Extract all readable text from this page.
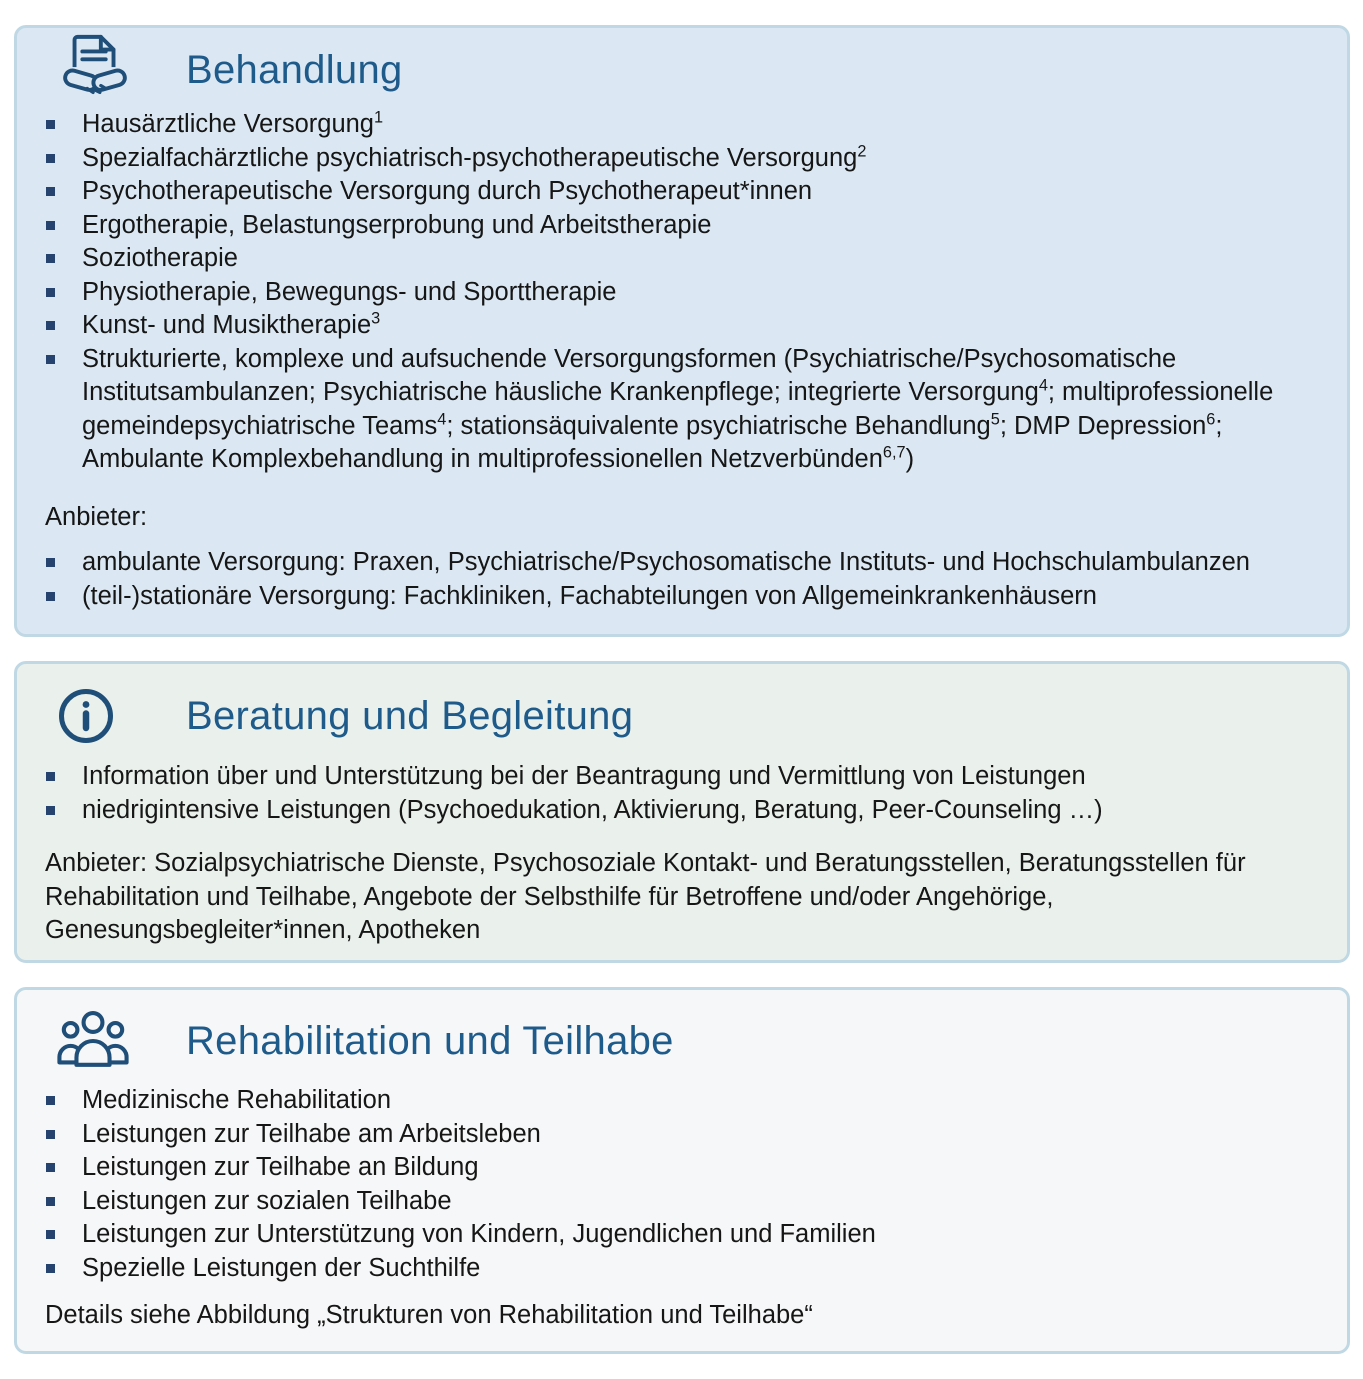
Behandlung
Hausärztliche Versorgung$^1$
Spezialfachärztliche psychiatrisch-psychotherapeutische Versorgung$^2$
Psychotherapeutische Versorgung durch Psychotherapeut*innen
Ergotherapie, Belastungserprobung und Arbeitstherapie
Soziotherapie
Physiotherapie, Bewegungs- und Sporttherapie
Kunst- und Musiktherapie$^3$
Strukturierte, komplexe und aufsuchende Versorgungsformen (Psychiatrische/Psychosomatische Institutsambulanzen; Psychiatrische häusliche Krankenpflege; integrierte Versorgung$^4$; multiprofessionelle gemeindepsychiatrische Teams$^4$; stationsäquivalente psychiatrische Behandlung$^5$; DMP Depression$^6$; Ambulante Komplexbehandlung in multiprofessionellen Netzverbünden$^{6,7}$)

Anbieter:

ambulante Versorgung: Praxen, Psychiatrische/Psychosomatische Instituts- und Hochschulambulanzen
(teil-)stationäre Versorgung: Fachkliniken, Fachabteilungen von Allgemeinkrankenhäusern
Beratung und Begleitung
Information über und Unterstützung bei der Beantragung und Vermittlung von Leistungen
niedrigintensive Leistungen (Psychoedukation, Aktivierung, Beratung, Peer-Counseling …)

Anbieter: Sozialpsychiatrische Dienste, Psychosoziale Kontakt- und Beratungsstellen, Beratungsstellen für Rehabilitation und Teilhabe, Angebote der Selbsthilfe für Betroffene und/oder Angehörige, Genesungsbegleiter*innen, Apotheken

Rehabilitation und Teilhabe
Medizinische Rehabilitation
Leistungen zur Teilhabe am Arbeitsleben
Leistungen zur Teilhabe an Bildung
Leistungen zur sozialen Teilhabe
Leistungen zur Unterstützung von Kindern, Jugendlichen und Familien
Spezielle Leistungen der Suchthilfe

Details siehe Abbildung „Strukturen von Rehabilitation und Teilhabe“
